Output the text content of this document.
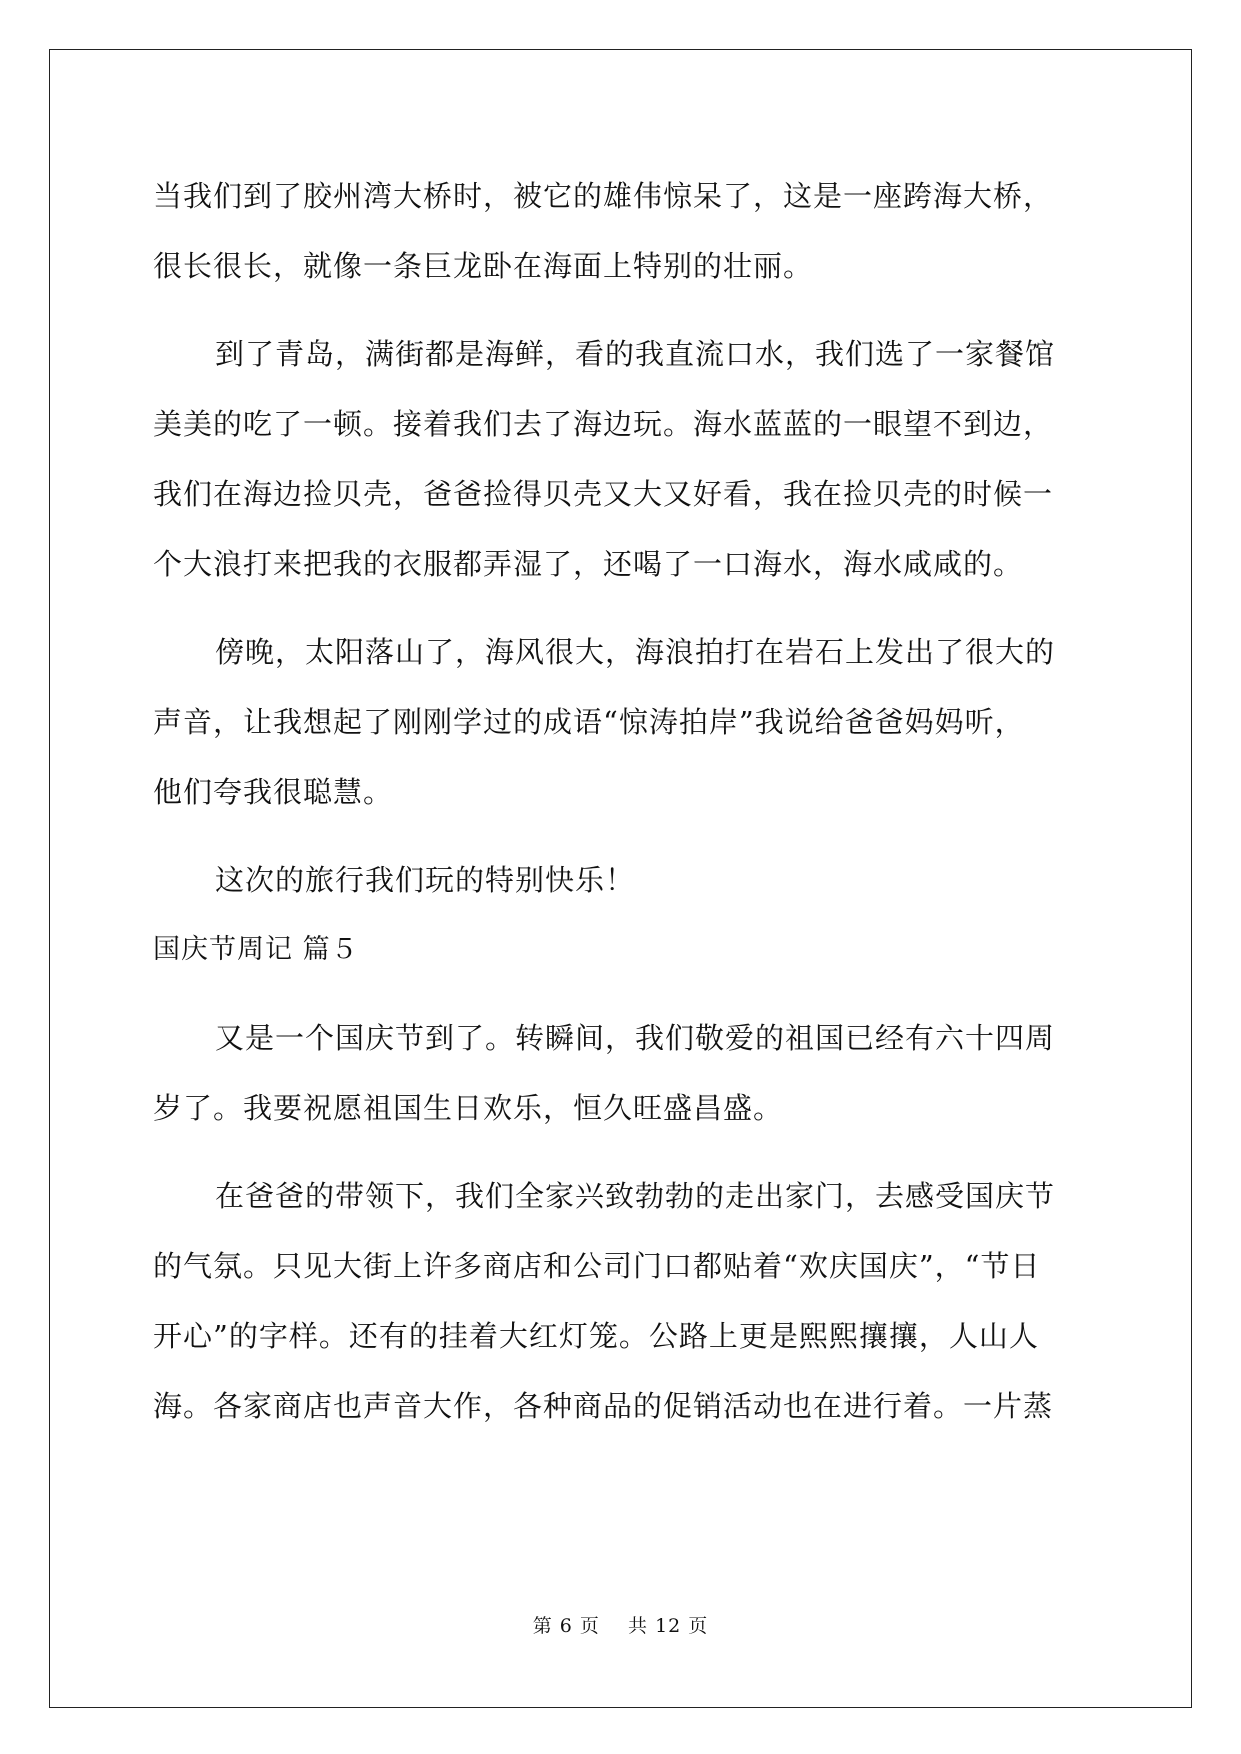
当我们到了胶州湾大桥时，被它的雄伟惊呆了，这是一座跨海大桥，
很长很长，就像一条巨龙卧在海面上特别的壮丽。
到了青岛，满街都是海鲜，看的我直流口水，我们选了一家餐馆
美美的吃了一顿。接着我们去了海边玩。海水蓝蓝的一眼望不到边，
我们在海边捡贝壳，爸爸捡得贝壳又大又好看，我在捡贝壳的时候一
个大浪打来把我的衣服都弄湿了，还喝了一口海水，海水咸咸的。
傍晚，太阳落山了，海风很大，海浪拍打在岩石上发出了很大的
声音，让我想起了刚刚学过的成语“惊涛拍岸”我说给爸爸妈妈听，
他们夸我很聪慧。
这次的旅行我们玩的特别快乐！
国庆节周记 篇５
又是一个国庆节到了。转瞬间，我们敬爱的祖国已经有六十四周
岁了。我要祝愿祖国生日欢乐，恒久旺盛昌盛。
在爸爸的带领下，我们全家兴致勃勃的走出家门，去感受国庆节
的气氛。只见大街上许多商店和公司门口都贴着“欢庆国庆”，“节日
开心”的字样。还有的挂着大红灯笼。公路上更是熙熙攘攘，人山人
海。各家商店也声音大作，各种商品的促销活动也在进行着。一片蒸
第 6 页    共 12 页
